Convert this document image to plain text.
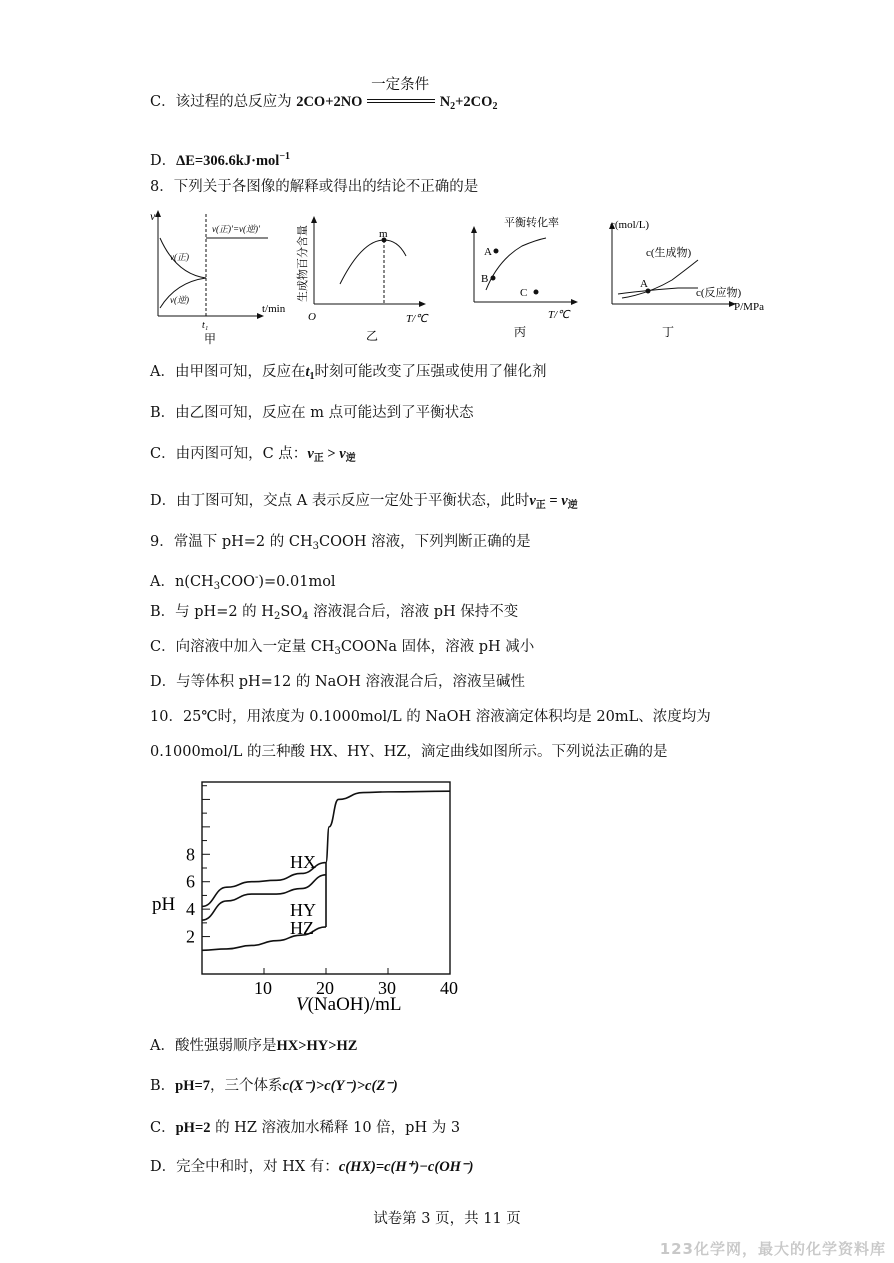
C．该过程的总反应为 2CO+2NO
一定条件
$N_2+2CO_2$
D．ΔE=306.6kJ·mol$^{-1}$
8．下列关于各图像的解释或得出的结论不正确的是
v
t/min
v(正)
v(逆)
v(正)′=v(逆)′
t₁
甲
生成物百分含量
O	T/℃
m
乙
平衡转化率
T/℃
A
B
C
丙
c(mol/L)
P/MPa
A
c(生成物)
c(反应物)
丁
A．由甲图可知，反应在$t_1$时刻可能改变了压强或使用了催化剂
B．由乙图可知，反应在 m 点可能达到了平衡状态
C．由丙图可知，C 点：$v_正 > v_逆$
D．由丁图可知，交点 A 表示反应一定处于平衡状态，此时$v_正 = v_逆$
9．常温下 pH=2 的 $CH_3COOH$ 溶液，下列判断正确的是
A．$n(CH_3COO^-)=0.01mol$
B．与 pH=2 的 $H_2SO_4$ 溶液混合后，溶液 pH 保持不变
C．向溶液中加入一定量 $CH_3COONa$ 固体，溶液 pH 减小
D．与等体积 pH=12 的 NaOH 溶液混合后，溶液呈碱性
10．25℃时，用浓度为 0.1000mol/L 的 NaOH 溶液滴定体积均是 20mL、浓度均为
0.1000mol/L 的三种酸 HX、HY、HZ，滴定曲线如图所示。下列说法正确的是
10 20 30 40
2
4
6
8
pH
V(NaOH)/mL
HX
HY
HZ
A．酸性强弱顺序是HX>HY>HZ
B．pH=7，三个体系c(X⁻)>c(Y⁻)>c(Z⁻)
C．pH=2 的 HZ 溶液加水稀释 10 倍，pH 为 3
D．完全中和时，对 HX 有：c(HX)=c(H⁺)−c(OH⁻)
试卷第 3 页，共 11 页
123化学网，最大的化学资料库
